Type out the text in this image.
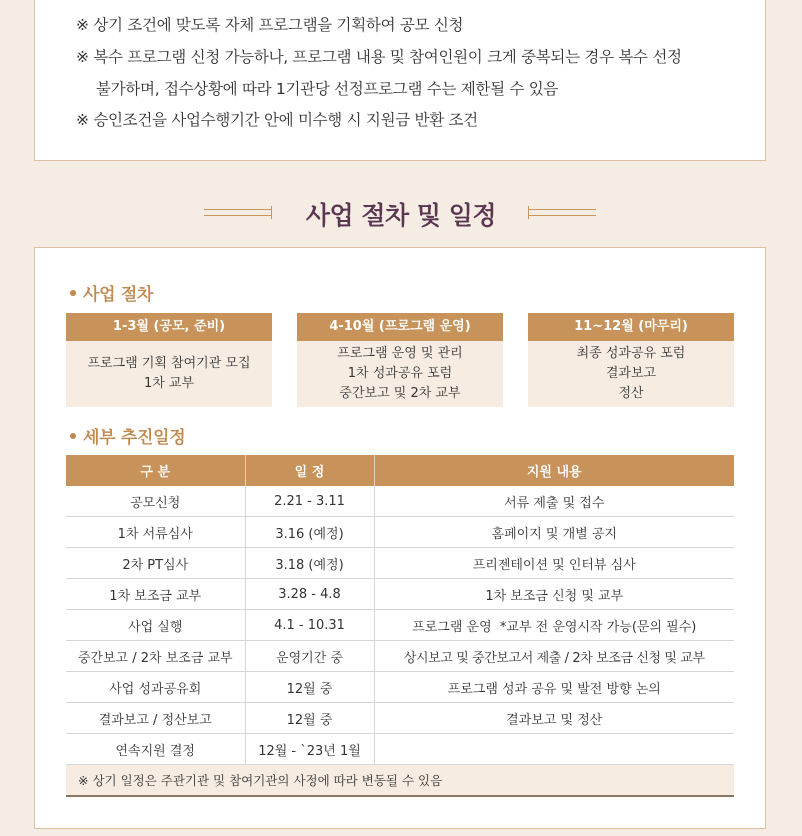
※ 상기 조건에 맞도록 자체 프로그램을 기획하여 공모 신청
※ 복수 프로그램 신청 가능하나, 프로그램 내용 및 참여인원이 크게 중복되는 경우 복수 선정
불가하며, 접수상황에 따라 1기관당 선정프로그램 수는 제한될 수 있음
※ 승인조건을 사업수행기간 안에 미수행 시 지원금 반환 조건
사업 절차 및 일정
사업 절차
1-3월 (공모, 준비)
프로그램 기획 참여기관 모집
1차 교부
4-10월 (프로그램 운영)
프로그램 운영 및 관리
1차 성과공유 포럼
중간보고 및 2차 교부
11~12월 (마무리)
최종 성과공유 포럼
결과보고
정산
세부 추진일정
구 분	일 정	지원 내용
공모신청	2.21 - 3.11	서류 제출 및 접수
1차 서류심사	3.16 (예정)	홈페이지 및 개별 공지
2차 PT심사	3.18 (예정)	프리젠테이션 및 인터뷰 심사
1차 보조금 교부	3.28 - 4.8	1차 보조금 신청 및 교부
사업 실행	4.1 - 10.31	프로그램 운영  *교부 전 운영시작 가능(문의 필수)
중간보고 / 2차 보조금 교부	운영기간 중	상시보고 및 중간보고서 제출 / 2차 보조금 신청 및 교부
사업 성과공유회	12월 중	프로그램 성과 공유 및 발전 방향 논의
결과보고 / 정산보고	12월 중	결과보고 및 정산
연속지원 결정	12월 - `23년 1월	
※ 상기 일정은 주관기관 및 참여기관의 사정에 따라 변동될 수 있음		
